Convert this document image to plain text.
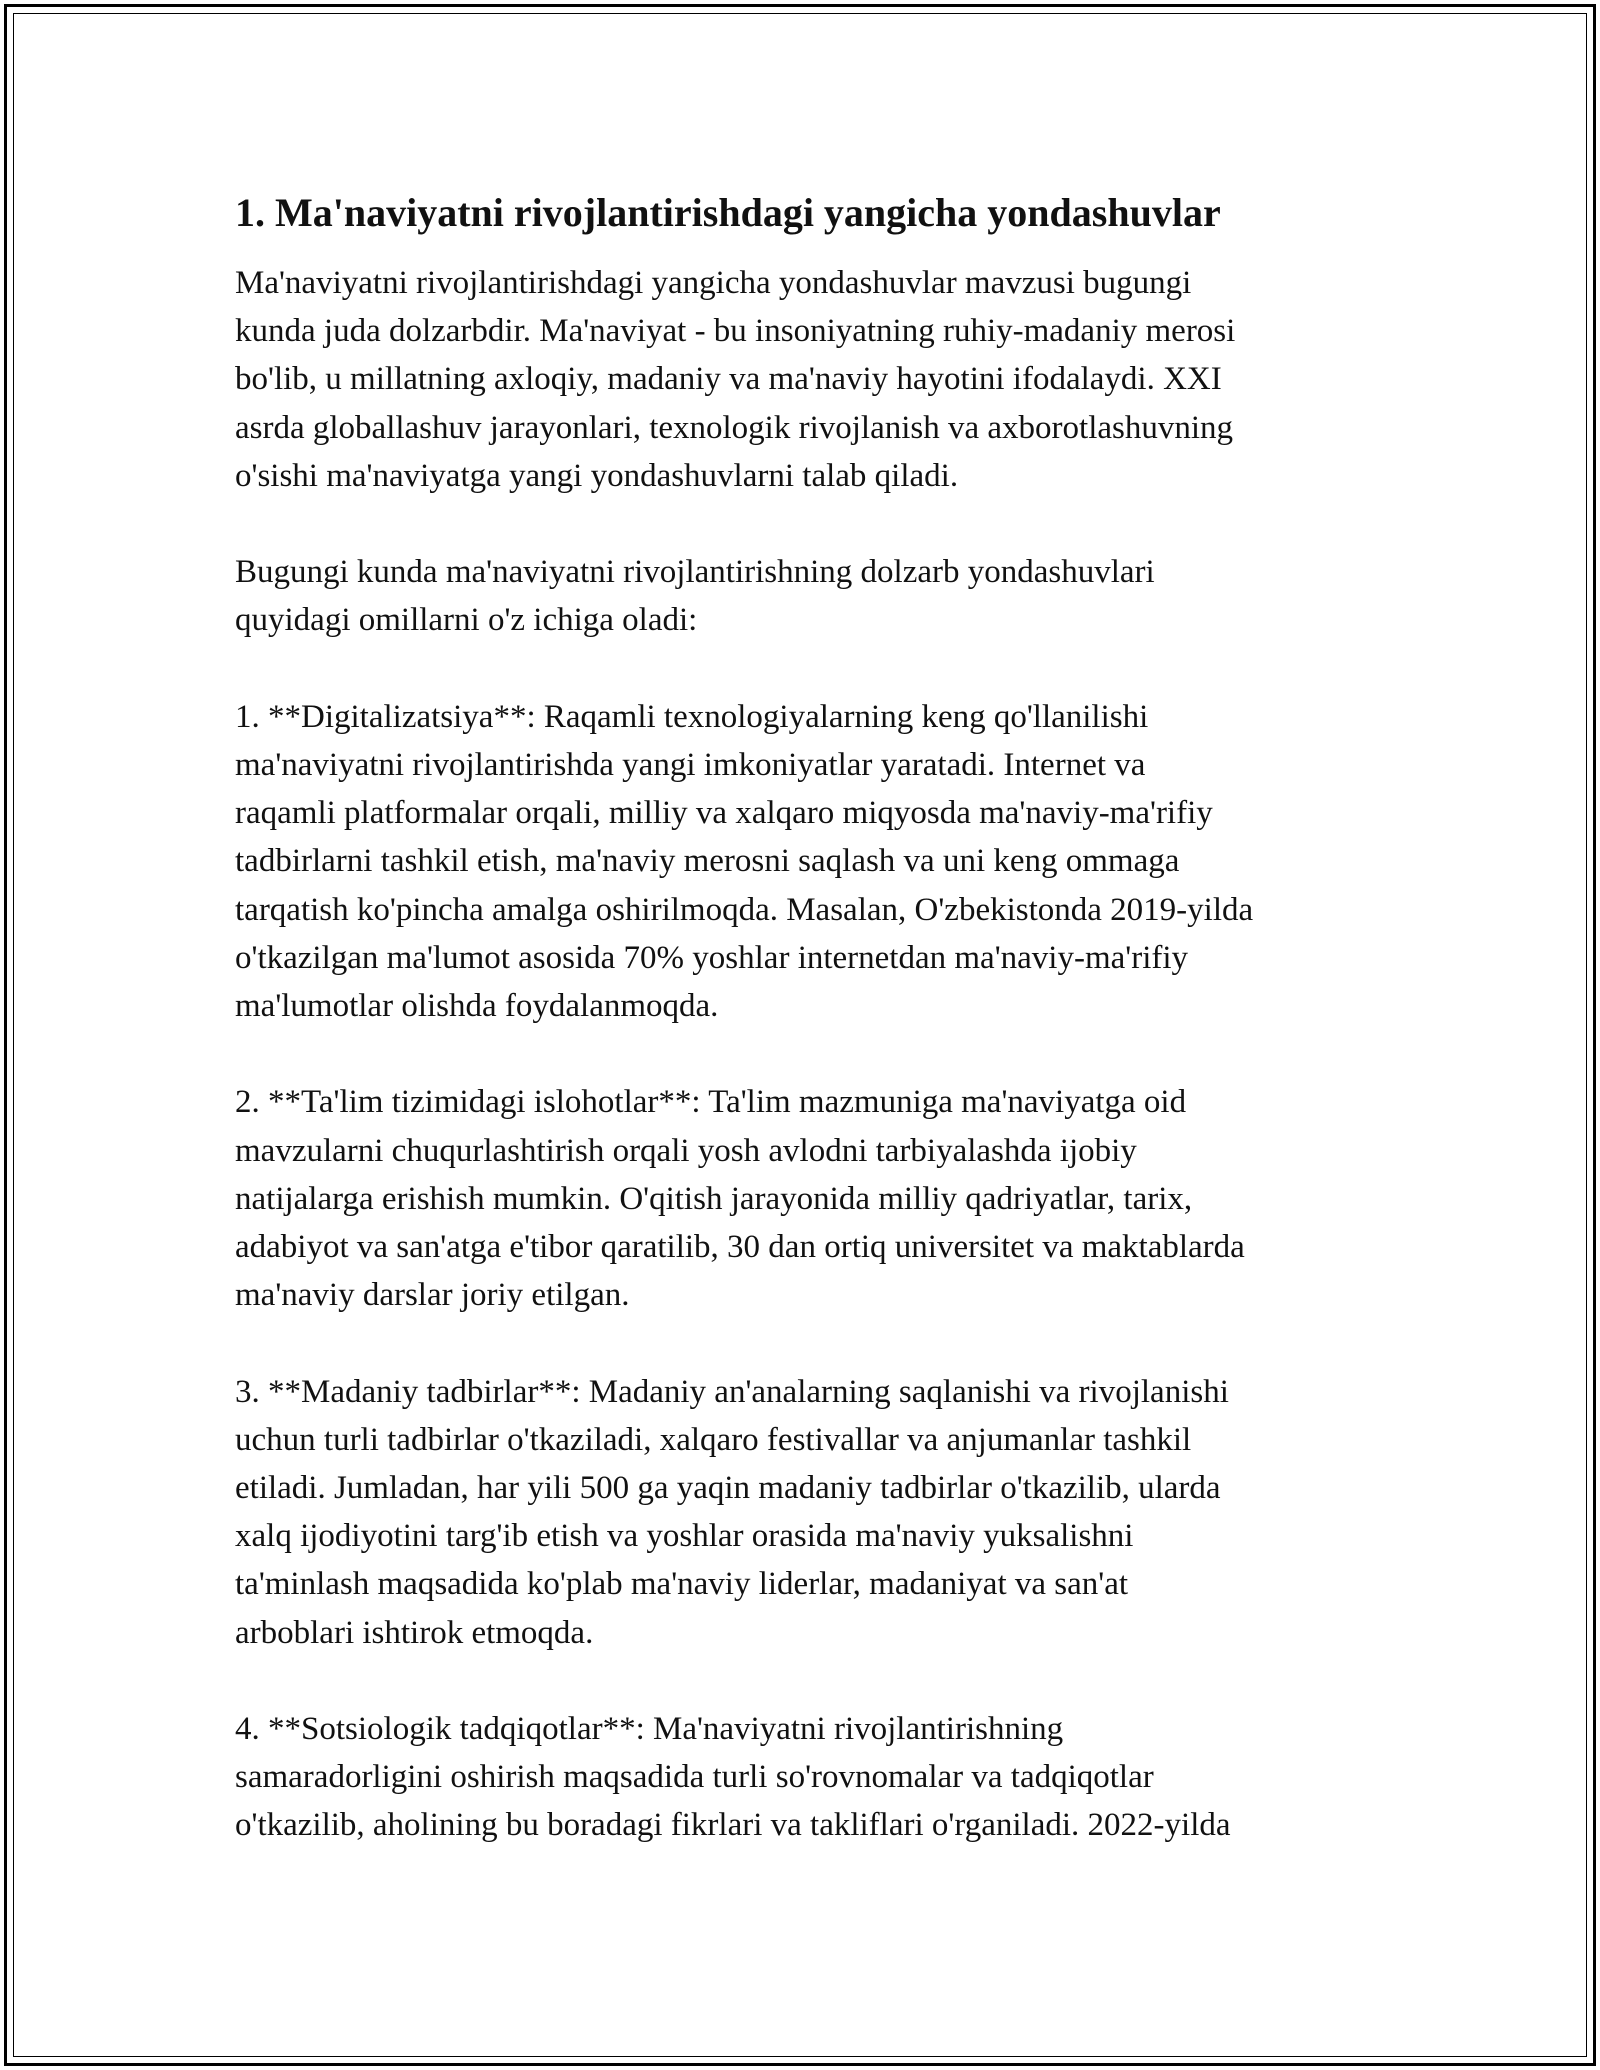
1. Ma'naviyatni rivojlantirishdagi yangicha yondashuvlar
Ma'naviyatni rivojlantirishdagi yangicha yondashuvlar mavzusi bugungi
kunda juda dolzarbdir. Ma'naviyat - bu insoniyatning ruhiy-madaniy merosi
bo'lib, u millatning axloqiy, madaniy va ma'naviy hayotini ifodalaydi. XXI
asrda globallashuv jarayonlari, texnologik rivojlanish va axborotlashuvning
o'sishi ma'naviyatga yangi yondashuvlarni talab qiladi.
Bugungi kunda ma'naviyatni rivojlantirishning dolzarb yondashuvlari
quyidagi omillarni o'z ichiga oladi:
1. **Digitalizatsiya**: Raqamli texnologiyalarning keng qo'llanilishi
ma'naviyatni rivojlantirishda yangi imkoniyatlar yaratadi. Internet va
raqamli platformalar orqali, milliy va xalqaro miqyosda ma'naviy-ma'rifiy
tadbirlarni tashkil etish, ma'naviy merosni saqlash va uni keng ommaga
tarqatish ko'pincha amalga oshirilmoqda. Masalan, O'zbekistonda 2019-yilda
o'tkazilgan ma'lumot asosida 70% yoshlar internetdan ma'naviy-ma'rifiy
ma'lumotlar olishda foydalanmoqda.
2. **Ta'lim tizimidagi islohotlar**: Ta'lim mazmuniga ma'naviyatga oid
mavzularni chuqurlashtirish orqali yosh avlodni tarbiyalashda ijobiy
natijalarga erishish mumkin. O'qitish jarayonida milliy qadriyatlar, tarix,
adabiyot va san'atga e'tibor qaratilib, 30 dan ortiq universitet va maktablarda
ma'naviy darslar joriy etilgan.
3. **Madaniy tadbirlar**: Madaniy an'analarning saqlanishi va rivojlanishi
uchun turli tadbirlar o'tkaziladi, xalqaro festivallar va anjumanlar tashkil
etiladi. Jumladan, har yili 500 ga yaqin madaniy tadbirlar o'tkazilib, ularda
xalq ijodiyotini targ'ib etish va yoshlar orasida ma'naviy yuksalishni
ta'minlash maqsadida ko'plab ma'naviy liderlar, madaniyat va san'at
arboblari ishtirok etmoqda.
4. **Sotsiologik tadqiqotlar**: Ma'naviyatni rivojlantirishning
samaradorligini oshirish maqsadida turli so'rovnomalar va tadqiqotlar
o'tkazilib, aholining bu boradagi fikrlari va takliflari o'rganiladi. 2022-yilda
